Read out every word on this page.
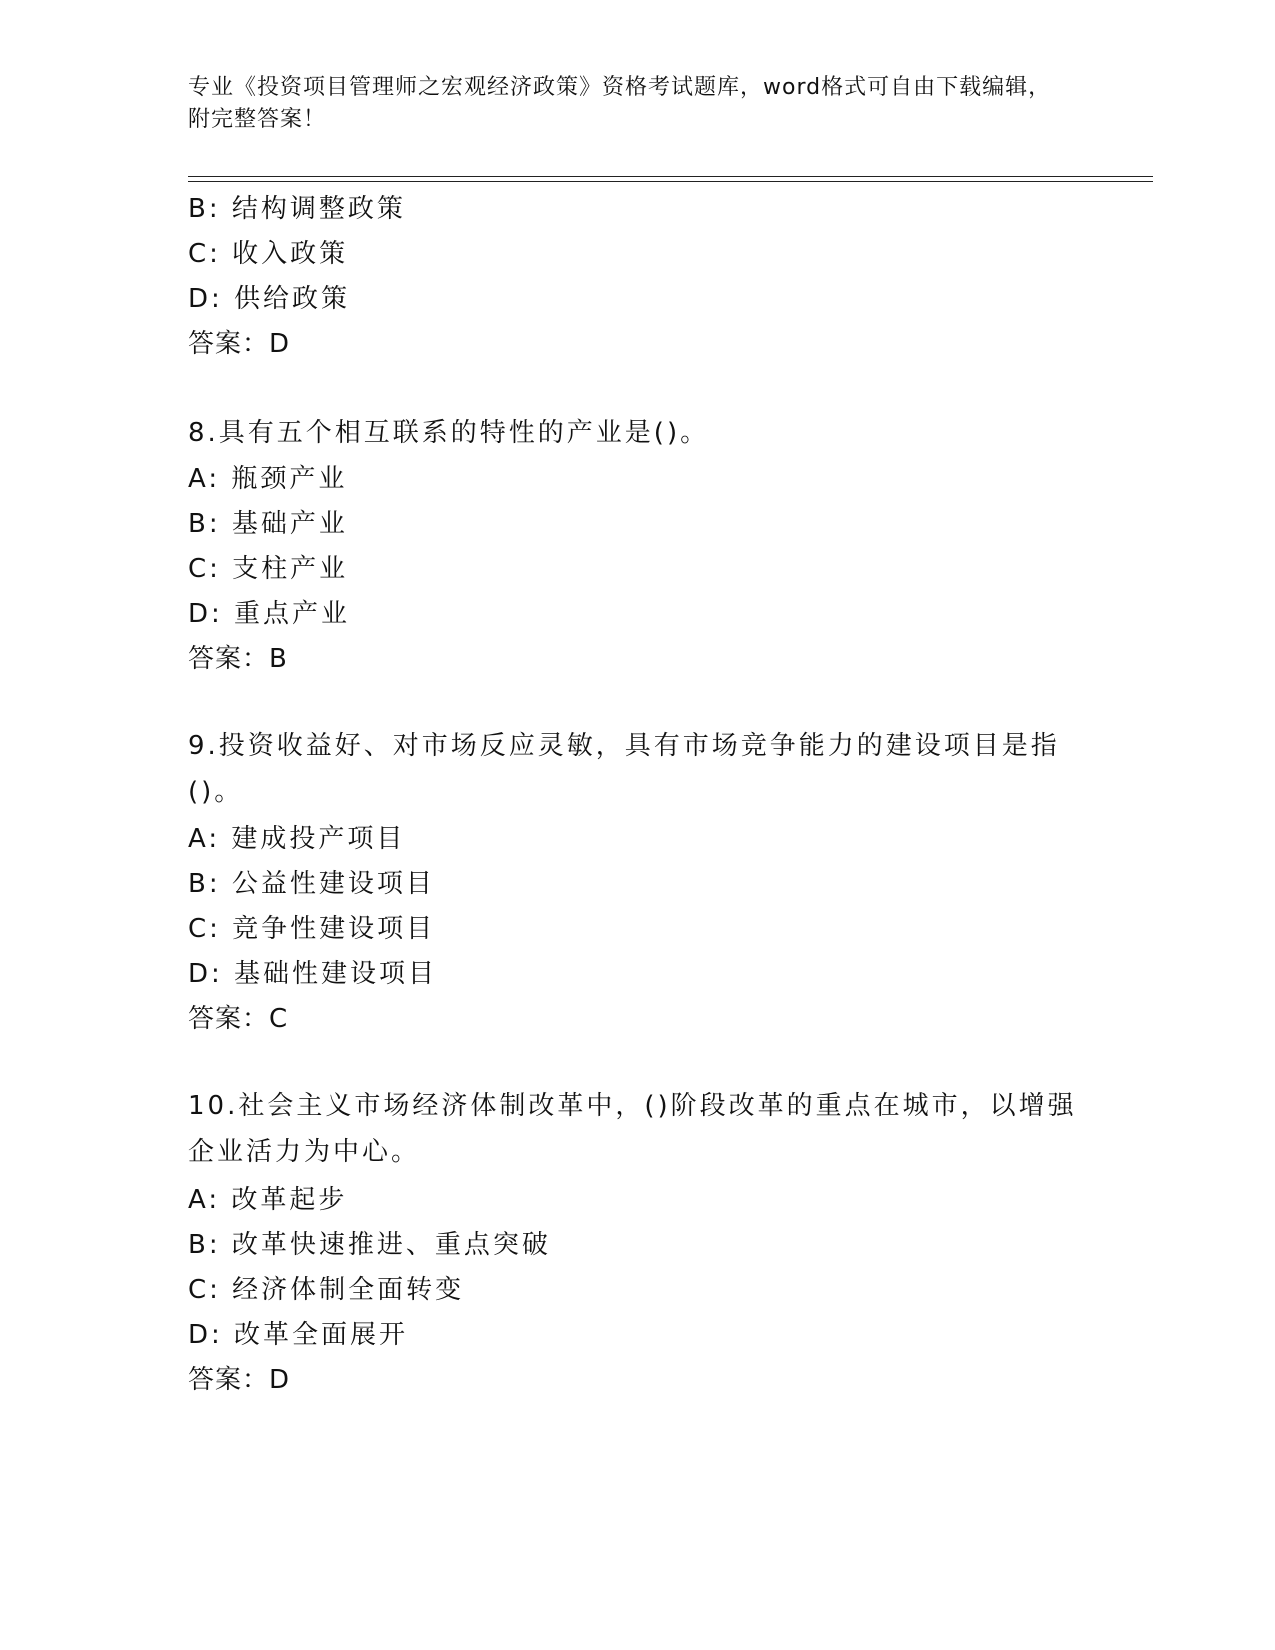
专业《投资项目管理师之宏观经济政策》资格考试题库，word格式可自由下载编辑，附完整答案！
B: 结构调整政策
C: 收入政策
D: 供给政策
答案：D
8.具有五个相互联系的特性的产业是()。
A: 瓶颈产业
B: 基础产业
C: 支柱产业
D: 重点产业
答案：B
9.投资收益好、对市场反应灵敏，具有市场竞争能力的建设项目是指()。
A: 建成投产项目
B: 公益性建设项目
C: 竞争性建设项目
D: 基础性建设项目
答案：C
10.社会主义市场经济体制改革中，()阶段改革的重点在城市，以增强企业活力为中心。
A: 改革起步
B: 改革快速推进、重点突破
C: 经济体制全面转变
D: 改革全面展开
答案：D
